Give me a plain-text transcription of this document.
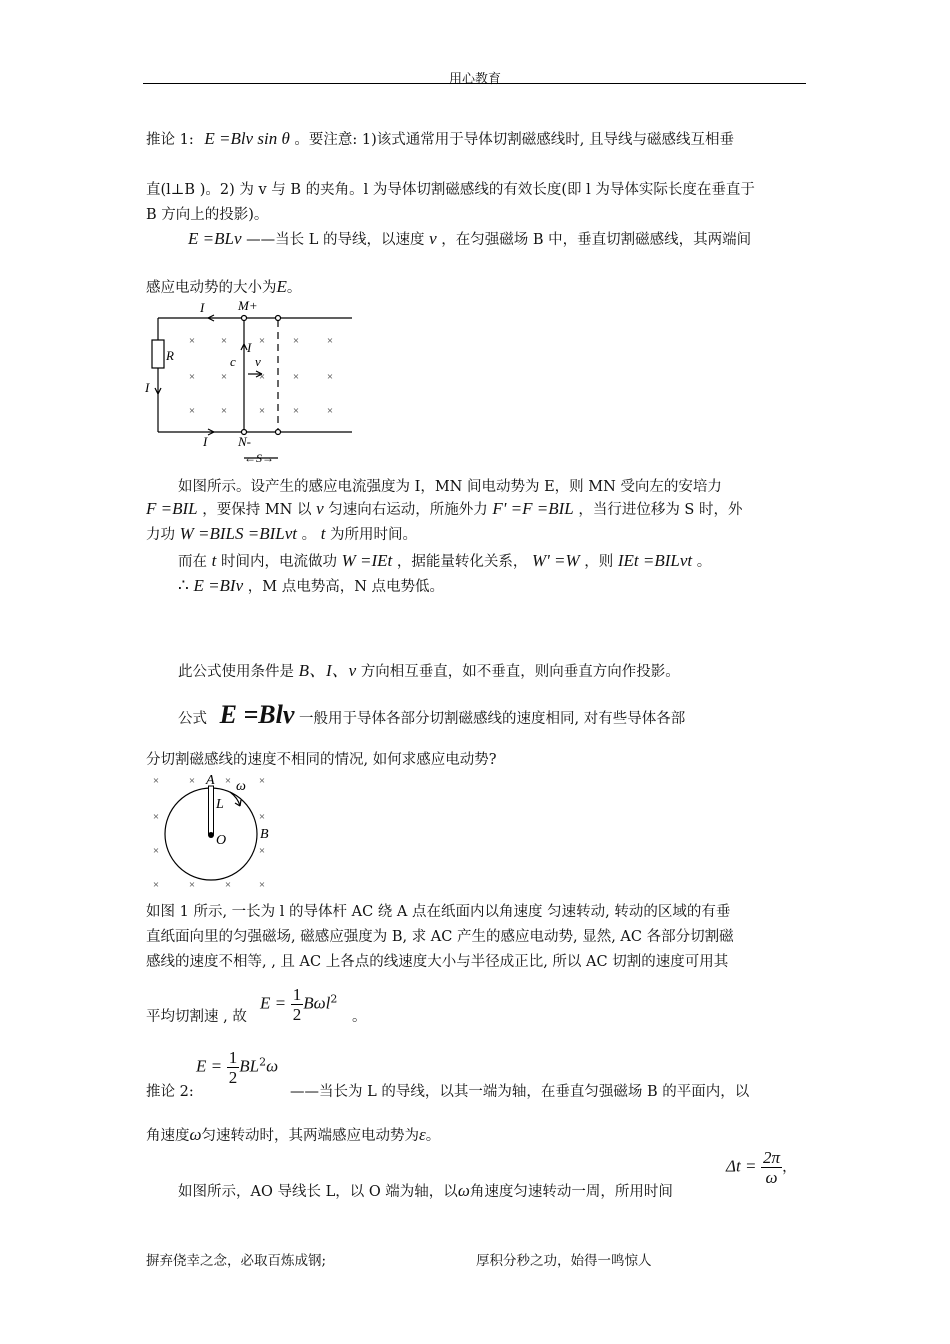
用心教育
推论 1: E =Blv sin θ 。要注意: 1)该式通常用于导体切割磁感线时, 且导线与磁感线互相垂
直(l⊥B )。2) 为 v 与 B 的夹角。l 为导体切割磁感线的有效长度(即 l 为导体实际长度在垂直于
B 方向上的投影)。
E =BLv ——当长 L 的导线，以速度 v ，在匀强磁场 B 中，垂直切割磁感线，其两端间
感应电动势的大小为E。
× ×	×	×	×
× ×	×	×	×
× ×	×	×	×
I	M+
R
I
c v
I
I N-
←S→
如图所示。设产生的感应电流强度为 I，MN 间电动势为 E，则 MN 受向左的安培力
F =BIL ，要保持 MN 以 v 匀速向右运动，所施外力 F' =F =BIL ，当行进位移为 S 时，外
力功 W =BILS =BILvt 。 t 为所用时间。
而在 t 时间内，电流做功 W =IEt ，据能量转化关系， W' =W ，则 IEt =BILvt 。
∴ E =BIv ，M 点电势高，N 点电势低。
此公式使用条件是 B、I、v 方向相互垂直，如不垂直，则向垂直方向作投影。
公式 E =Blv 一般用于导体各部分切割磁感线的速度相同, 对有些导体各部
分切割磁感线的速度不相同的情况, 如何求感应电动势?
×	×	×	×
×	×
×	×
×	×	×	×
A ω
L
O B
如图 1 所示, 一长为 l 的导体杆 AC 绕 A 点在纸面内以角速度 匀速转动, 转动的区域的有垂
直纸面向里的匀强磁场, 磁感应强度为 B, 求 AC 产生的感应电动势, 显然, AC 各部分切割磁
感线的速度不相等, , 且 AC 上各点的线速度大小与半径成正比, 所以 AC 切割的速度可用其
平均切割速 , 故
$E = \frac{1}{2} B\omega l^2$
。
推论 2:
$E = \frac{1}{2} BL^2\omega$
——当长为 L 的导线，以其一端为轴，在垂直匀强磁场 B 的平面内，以
角速度ω匀速转动时，其两端感应电动势为ε。
如图所示，AO 导线长 L，以 O 端为轴，以ω角速度匀速转动一周，所用时间
$\Delta t = \frac{2\pi}{\omega}$ ，
摒弃侥幸之念，必取百炼成钢;	厚积分秒之功，始得一鸣惊人
